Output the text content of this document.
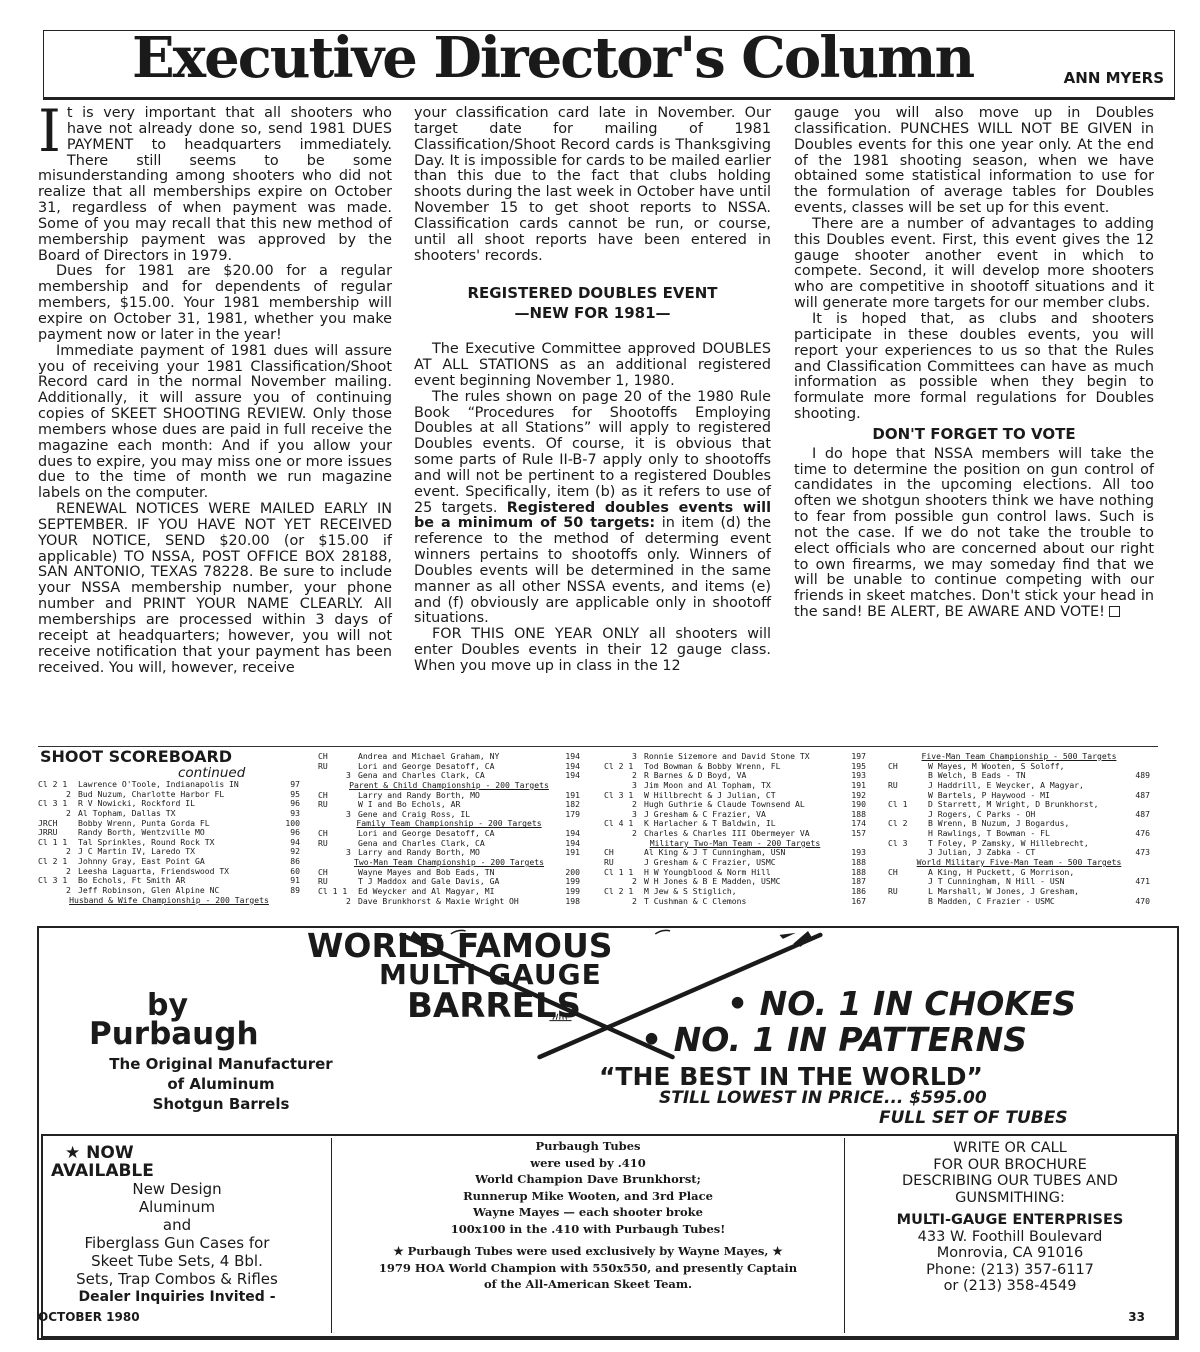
Executive Director's Column	ANN MYERS

It is very important that all shooters who have not already done so, send 1981 DUES PAYMENT to headquarters immediately. There still seems to be some misunderstanding among shooters who did not realize that all memberships expire on October 31, regardless of when payment was made. Some of you may recall that this new method of membership payment was approved by the Board of Directors in 1979.

Dues for 1981 are $20.00 for a regular membership and for dependents of regular members, $15.00. Your 1981 membership will expire on October 31, 1981, whether you make payment now or later in the year!

Immediate payment of 1981 dues will assure you of receiving your 1981 Classification/Shoot Record card in the normal November mailing. Additionally, it will assure you of continuing copies of SKEET SHOOTING REVIEW. Only those members whose dues are paid in full receive the magazine each month: And if you allow your dues to expire, you may miss one or more issues due to the time of month we run magazine labels on the computer.

RENEWAL NOTICES WERE MAILED EARLY IN SEPTEMBER. IF YOU HAVE NOT YET RECEIVED YOUR NOTICE, SEND $20.00 (or $15.00 if applicable) TO NSSA, POST OFFICE BOX 28188, SAN ANTONIO, TEXAS 78228. Be sure to include your NSSA membership number, your phone number and PRINT YOUR NAME CLEARLY. All memberships are processed within 3 days of receipt at headquarters; however, you will not receive notification that your payment has been received. You will, however, receive

your classification card late in November. Our target date for mailing of 1981 Classification/Shoot Record cards is Thanksgiving Day. It is impossible for cards to be mailed earlier than this due to the fact that clubs holding shoots during the last week in October have until November 15 to get shoot reports to NSSA. Classification cards cannot be run, or course, until all shoot reports have been entered in shooters' records.

REGISTERED DOUBLES EVENT
—NEW FOR 1981—

The Executive Committee approved DOUBLES AT ALL STATIONS as an additional registered event beginning November 1, 1980.

The rules shown on page 20 of the 1980 Rule Book “Procedures for Shootoffs Employing Doubles at all Stations” will apply to registered Doubles events. Of course, it is obvious that some parts of Rule II-B-7 apply only to shootoffs and will not be pertinent to a registered Doubles event. Specifically, item (b) as it refers to use of 25 targets. Registered doubles events will be a minimum of 50 targets: in item (d) the reference to the method of determing event winners pertains to shootoffs only. Winners of Doubles events will be determined in the same manner as all other NSSA events, and items (e) and (f) obviously are applicable only in shootoff situations.

FOR THIS ONE YEAR ONLY all shooters will enter Doubles events in their 12 gauge class. When you move up in class in the 12

gauge you will also move up in Doubles classification. PUNCHES WILL NOT BE GIVEN in Doubles events for this one year only. At the end of the 1981 shooting season, when we have obtained some statistical information to use for the formulation of average tables for Doubles events, classes will be set up for this event.

There are a number of advantages to adding this Doubles event. First, this event gives the 12 gauge shooter another event in which to compete. Second, it will develop more shooters who are competitive in shootoff situations and it will generate more targets for our member clubs.

It is hoped that, as clubs and shooters participate in these doubles events, you will report your experiences to us so that the Rules and Classification Committees can have as much information as possible when they begin to formulate more formal regulations for Doubles shooting.

DON'T FORGET TO VOTE

I do hope that NSSA members will take the time to determine the position on gun control of candidates in the upcoming elections. All too often we shotgun shooters think we have nothing to fear from possible gun control laws. Such is not the case. If we do not take the trouble to elect officials who are concerned about our right to own firearms, we may someday find that we will be unable to continue competing with our friends in skeet matches. Don't stick your head in the sand! BE ALERT, BE AWARE AND VOTE!

SHOOT SCOREBOARD
continued
Cl 2 1 Lawrence O'Toole, Indianapolis IN	97
2 Bud Nuzum, Charlotte Harbor FL	95
Cl 3 1 R V Nowicki, Rockford IL	96
2 Al Topham, Dallas TX	93
JRCH	Bobby Wrenn, Punta Gorda FL	100
JRRU	Randy Borth, Wentzville MO	96
Cl 1 1 Tal Sprinkles, Round Rock TX	94
2 J C Martin IV, Laredo TX	92
Cl 2 1 Johnny Gray, East Point GA	86
2 Leesha Laguarta, Friendswood TX	60
Cl 3 1 Bo Echols, Ft Smith AR	91
2 Jeff Robinson, Glen Alpine NC	89
Husband & Wife Championship - 200 Targets
CH	Andrea and Michael Graham, NY	194
RU	Lori and George Desatoff, CA	194
3 Gena and Charles Clark, CA	194
Parent & Child Championship - 200 Targets
CH	Larry and Randy Borth, MO	191
RU	W I and Bo Echols, AR	182
3 Gene and Craig Ross, IL	179
Family Team Championship - 200 Targets
CH	Lori and George Desatoff, CA	194
RU	Gena and Charles Clark, CA	194
3 Larry and Randy Borth, MO	191
Two-Man Team Championship - 200 Targets
CH	Wayne Mayes and Bob Eads, TN	200
RU	T J Maddox and Gale Davis, GA	199
Cl 1 1 Ed Weycker and Al Magyar, MI	199
2 Dave Brunkhorst & Maxie Wright OH	198
3 Ronnie Sizemore and David Stone TX	197
Cl 2 1 Tod Bowman & Bobby Wrenn, FL	195
2 R Barnes & D Boyd, VA	193
3 Jim Moon and Al Topham, TX	191
Cl 3 1 W Hillbrecht & J Julian, CT	192
2 Hugh Guthrie & Claude Townsend AL	190
3 J Gresham & C Frazier, VA	188
Cl 4 1 K Harlacher & T Baldwin, IL	174
2 Charles & Charles III Obermeyer VA	157
Military Two-Man Team - 200 Targets
CH	Al King & J T Cunningham, USN	193
RU	J Gresham & C Frazier, USMC	188
Cl 1 1 H W Youngblood & Norm Hill	188
2 W H Jones & B E Madden, USMC	187
Cl 2 1 M Jew & S Stiglich,	186
2 T Cushman & C Clemons	167
Five-Man Team Championship - 500 Targets
CH	W Mayes, M Wooten, S Soloff,
B Welch, B Eads - TN	489
RU	J Haddrill, E Weycker, A Magyar,
W Bartels, P Haywood - MI	487
Cl 1	D Starrett, M Wright, D Brunkhorst,
J Rogers, C Parks - OH	487
Cl 2	B Wrenn, B Nuzum, J Bogardus,
H Rawlings, T Bowman - FL	476
Cl 3	T Foley, P Zamsky, W Hillebrecht,
J Julian, J Zabka - CT	473
World Military Five-Man Team - 500 Targets
CH	A King, H Puckett, G Morrison,
J T Cunningham, N Hill - USN	471
RU	L Marshall, W Jones, J Gresham,
B Madden, C Frazier - USMC	470
WORLD FAMOUS
MULTI GAUGE
BARRELS
by
Purbaugh
The Original Manufacturer
of Aluminum
Shotgun Barrels
• NO. 1 IN CHOKES
• NO. 1 IN PATTERNS
“THE BEST IN THE WORLD”
STILL LOWEST IN PRICE... $595.00
FULL SET OF TUBES
★ NOW
AVAILABLE
New Design
Aluminum
and
Fiberglass Gun Cases for
Skeet Tube Sets, 4 Bbl.
Sets, Trap Combos & Rifles
Dealer Inquiries Invited -
Purbaugh Tubes
were used by .410
World Champion Dave Brunkhorst;
Runnerup Mike Wooten, and 3rd Place
Wayne Mayes — each shooter broke
100x100 in the .410 with Purbaugh Tubes!
★ Purbaugh Tubes were used exclusively by Wayne Mayes, ★
1979 HOA World Champion with 550x550, and presently Captain
of the All-American Skeet Team.
WRITE OR CALL
FOR OUR BROCHURE
DESCRIBING OUR TUBES AND
GUNSMITHING:
MULTI-GAUGE ENTERPRISES
433 W. Foothill Boulevard
Monrovia, CA 91016
Phone: (213) 357-6117
or (213) 358-4549
OCTOBER 1980	33
